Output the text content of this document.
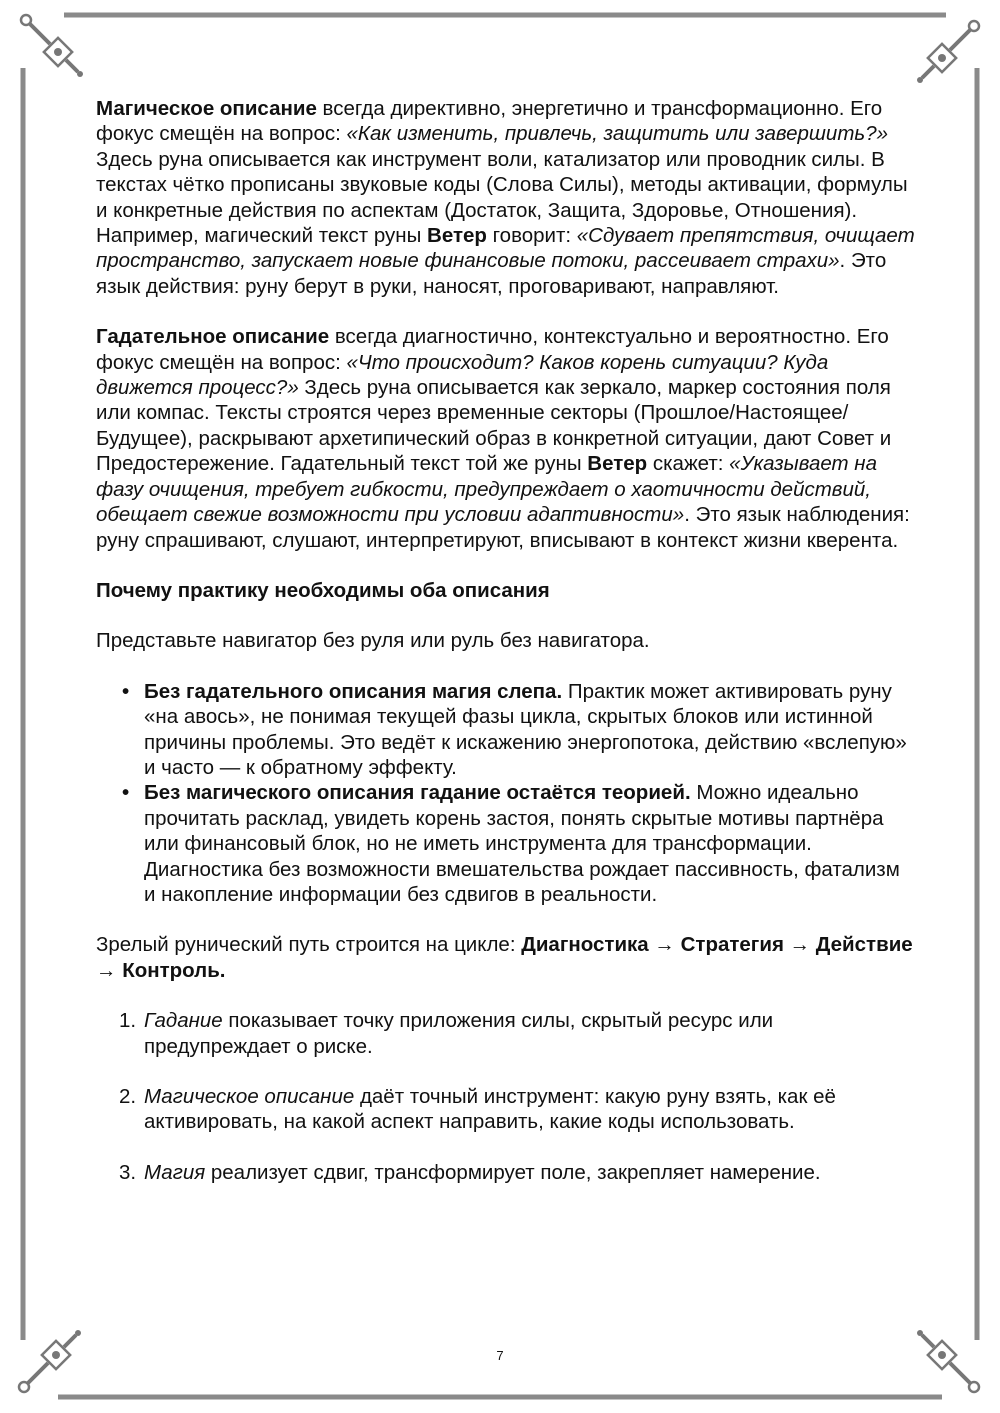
Магическое описание всегда директивно, энергетично и трансформационно. Его фокус смещён на вопрос: «Как изменить, привлечь, защитить или завершить?» Здесь руна описывается как инструмент воли, катализатор или проводник силы. В текстах чётко прописаны звуковые коды (Слова Силы), методы активации, формулы и конкретные действия по аспектам (Достаток, Защита, Здоровье, Отношения). Например, магический текст руны Ветер говорит: «Сдувает препятствия, очищает пространство, запускает новые финансовые потоки, рассеивает страхи». Это язык действия: руну берут в руки, наносят, проговаривают, направляют.

Гадательное описание всегда диагностично, контекстуально и вероятностно. Его фокус смещён на вопрос: «Что происходит? Каков корень ситуации? Куда движется процесс?» Здесь руна описывается как зеркало, маркер состояния поля или компас. Тексты строятся через временные секторы (Прошлое/Настоящее/Будущее), раскрывают архетипический образ в конкретной ситуации, дают Совет и Предостережение. Гадательный текст той же руны Ветер скажет: «Указывает на фазу очищения, требует гибкости, предупреждает о хаотичности действий, обещает свежие возможности при условии адаптивности». Это язык наблюдения: руну спрашивают, слушают, интерпретируют, вписывают в контекст жизни кверента.

Почему практику необходимы оба описания

Представьте навигатор без руля или руль без навигатора.

• Без гадательного описания магия слепа. Практик может активировать руну «на авось», не понимая текущей фазы цикла, скрытых блоков или истинной причины проблемы. Это ведёт к искажению энергопотока, действию «вслепую» и часто — к обратному эффекту.
• Без магического описания гадание остаётся теорией. Можно идеально прочитать расклад, увидеть корень застоя, понять скрытые мотивы партнёра или финансовый блок, но не иметь инструмента для трансформации. Диагностика без возможности вмешательства рождает пассивность, фатализм и накопление информации без сдвигов в реальности.

Зрелый рунический путь строится на цикле: Диагностика → Стратегия → Действие → Контроль.

1. Гадание показывает точку приложения силы, скрытый ресурс или предупреждает о риске.
2. Магическое описание даёт точный инструмент: какую руну взять, как её активировать, на какой аспект направить, какие коды использовать.
3. Магия реализует сдвиг, трансформирует поле, закрепляет намерение.
7
